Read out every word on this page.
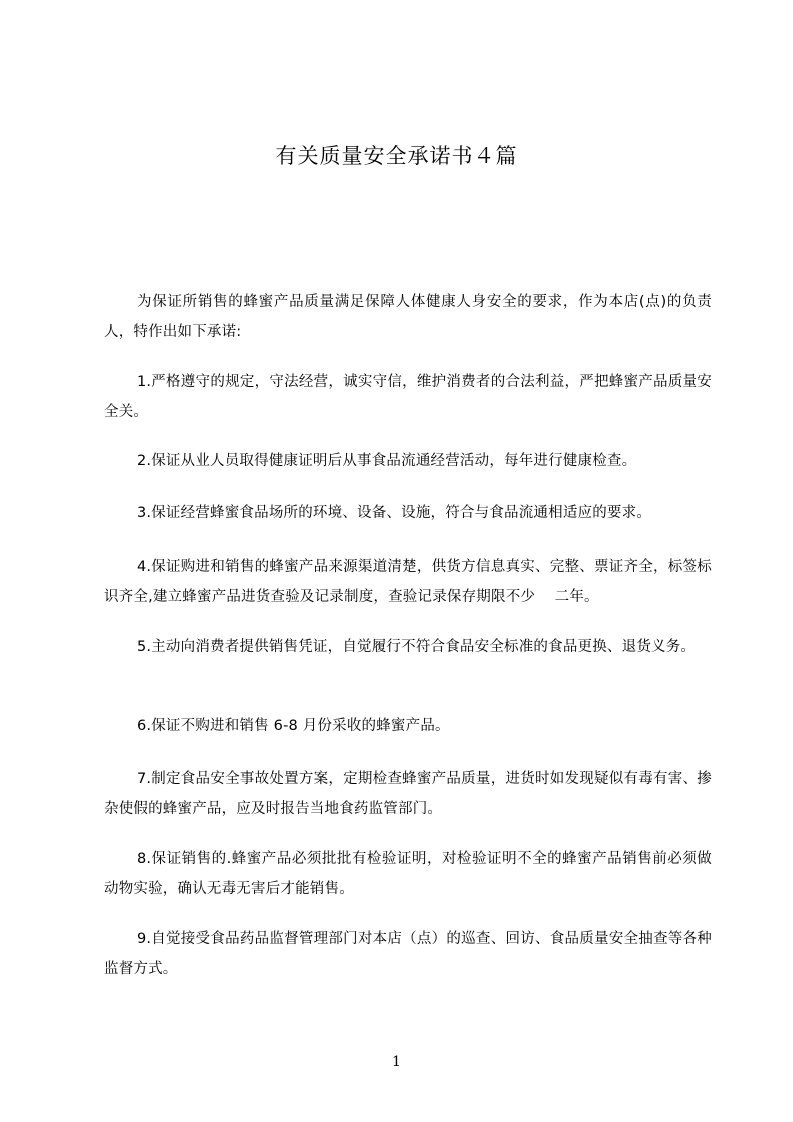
有关质量安全承诺书４篇

为保证所销售的蜂蜜产品质量满足保障人体健康人身安全的要求，作为本店(点)的负责人，特作出如下承诺:

1.严格遵守的规定，守法经营，诚实守信，维护消费者的合法利益，严把蜂蜜产品质量安全关。

2.保证从业人员取得健康证明后从事食品流通经营活动，每年进行健康检查。

3.保证经营蜂蜜食品场所的环境、设备、设施，符合与食品流通相适应的要求。

4.保证购进和销售的蜂蜜产品来源渠道清楚，供货方信息真实、完整、票证齐全，标签标识齐全,建立蜂蜜产品进货查验及记录制度，查验记录保存期限不少　 二年。

5.主动向消费者提供销售凭证，自觉履行不符合食品安全标准的食品更换、退货义务。

6.保证不购进和销售 6-8 月份采收的蜂蜜产品。

7.制定食品安全事故处置方案，定期检查蜂蜜产品质量，进货时如发现疑似有毒有害、掺杂使假的蜂蜜产品，应及时报告当地食药监管部门。

8.保证销售的.蜂蜜产品必须批批有检验证明，对检验证明不全的蜂蜜产品销售前必须做动物实验，确认无毒无害后才能销售。

9.自觉接受食品药品监督管理部门对本店（点）的巡查、回访、食品质量安全抽查等各种监督方式。

1
